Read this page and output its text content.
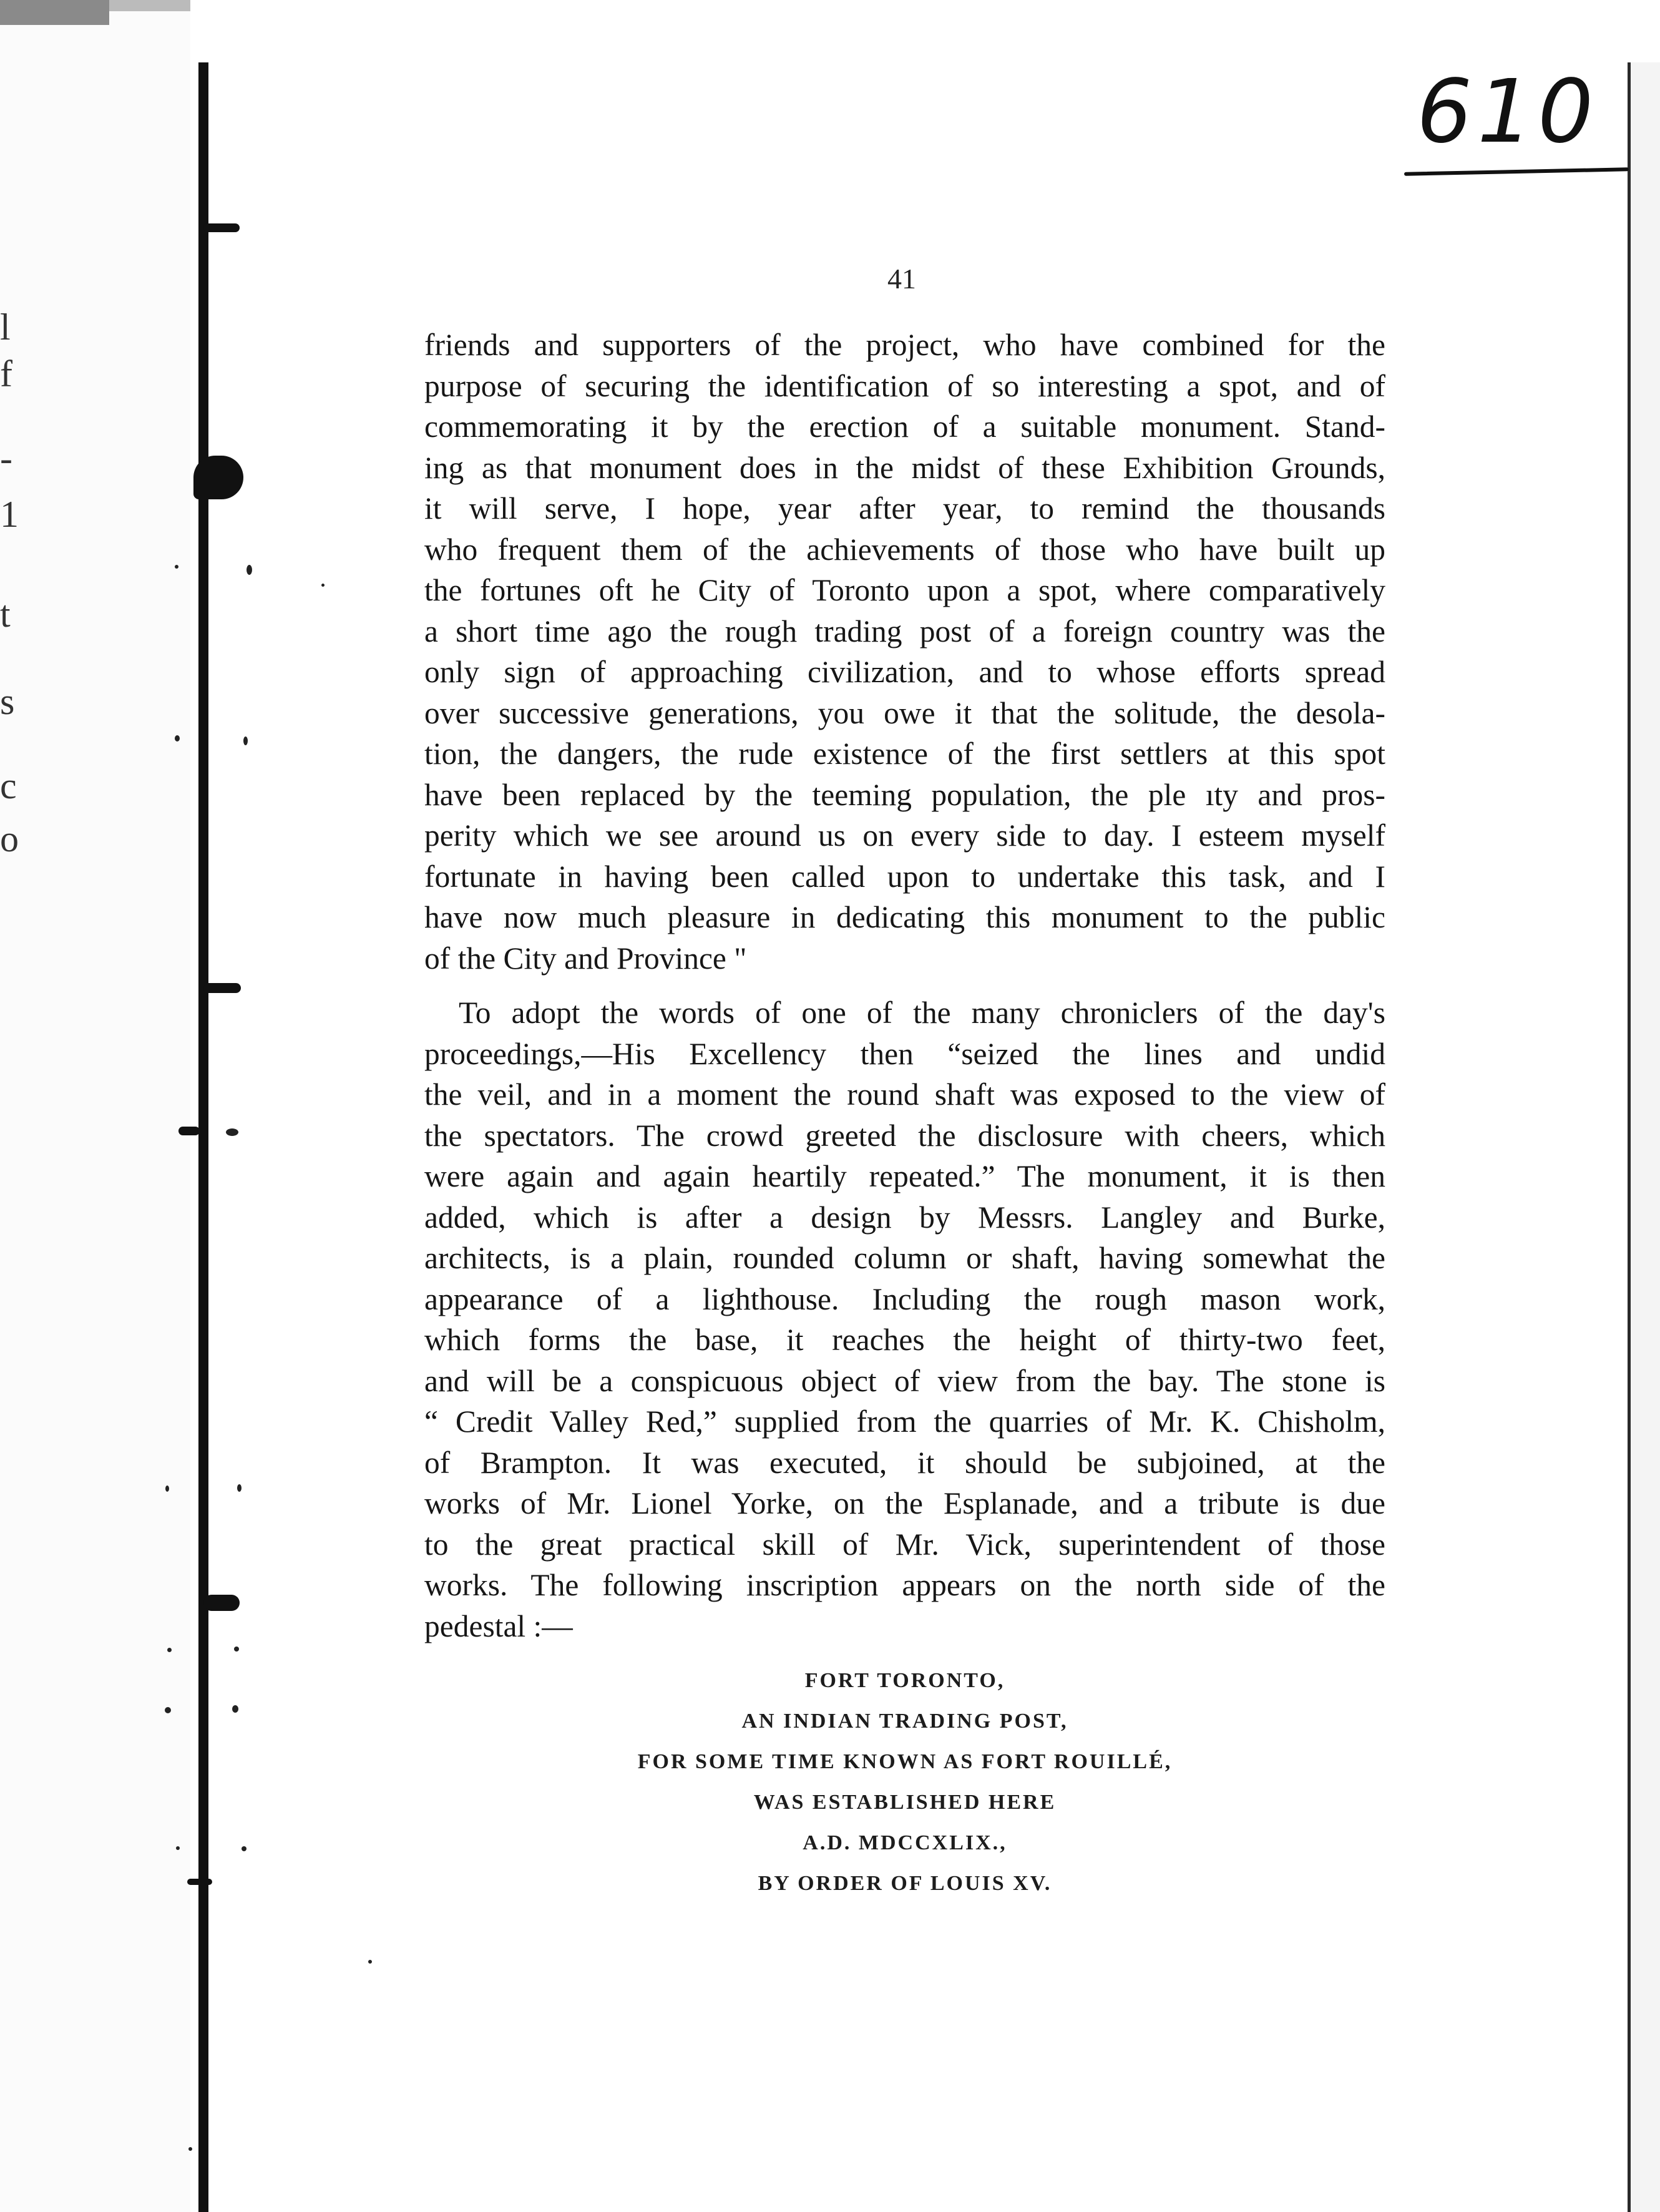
l
f
-
1
t
s
c
o
610
41
friends and supporters of the project, who have combined for the
purpose of securing the identification of so interesting a spot, and of
commemorating it by the erection of a suitable monument. Stand-
ing as that monument does in the midst of these Exhibition Grounds,
it will serve, I hope, year after year, to remind the thousands
who frequent them of the achievements of those who have built up
the fortunes oft he City of Toronto upon a spot, where comparatively
a short time ago the rough trading post of a foreign country was the
only sign of approaching civilization, and to whose efforts spread
over successive generations, you owe it that the solitude, the desola-
tion, the dangers, the rude existence of the first settlers at this spot
have been replaced by the teeming population, the ple ıty and pros-
perity which we see around us on every side to day. I esteem myself
fortunate in having been called upon to undertake this task, and I
have now much pleasure in dedicating this monument to the public
of the City and Province "
To adopt the words of one of the many chroniclers of the day's
proceedings,—His Excellency then “seized the lines and undid
the veil, and in a moment the round shaft was exposed to the view of
the spectators. The crowd greeted the disclosure with cheers, which
were again and again heartily repeated.” The monument, it is then
added, which is after a design by Messrs. Langley and Burke,
architects, is a plain, rounded column or shaft, having somewhat the
appearance of a lighthouse. Including the rough mason work,
which forms the base, it reaches the height of thirty-two feet,
and will be a conspicuous object of view from the bay. The stone is
“ Credit Valley Red,” supplied from the quarries of Mr. K. Chisholm,
of Brampton. It was executed, it should be subjoined, at the
works of Mr. Lionel Yorke, on the Esplanade, and a tribute is due
to the great practical skill of Mr. Vick, superintendent of those
works. The following inscription appears on the north side of the
pedestal :—
FORT TORONTO,
AN INDIAN TRADING POST,
FOR SOME TIME KNOWN AS FORT ROUILLÉ,
WAS ESTABLISHED HERE
A.D. MDCCXLIX.,
BY ORDER OF LOUIS XV.
